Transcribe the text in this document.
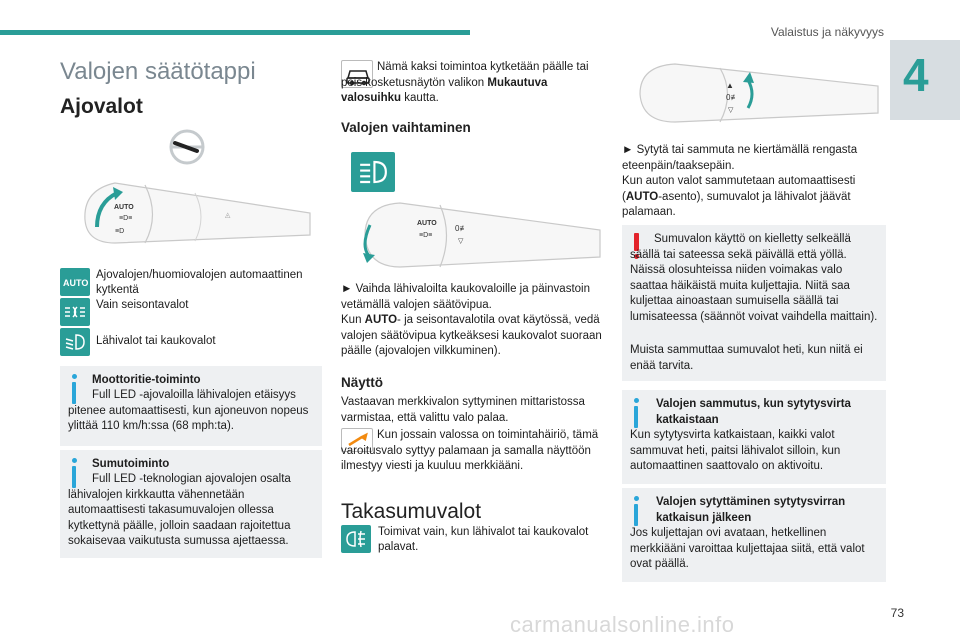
Valaistus ja näkyvyys
4
Valojen säätötappi
Ajovalot
AUTO
≡D≡
≡D
◬
AUTO
Ajovalojen/huomiovalojen automaattinen kytkentä
Vain seisontavalot
Lähivalot tai kaukovalot
Moottoritie-toiminto
Full LED -ajovaloilla lähivalojen etäisyys pitenee automaattisesti, kun ajoneuvon nopeus ylittää 110 km/h:ssa (68 mph:ta).
Sumutoiminto
Full LED -teknologian ajovalojen osalta lähivalojen kirkkautta vähennetään automaattisesti takasumuvalojen ollessa kytkettynä päälle, jolloin saadaan rajoitettua sokaisevaa vaikutusta sumussa ajettaessa.
Nämä kaksi toimintoa kytketään päälle tai pois kosketusnäytön valikon Mukautuva valosuihku kautta.
Valojen vaihtaminen
AUTO
≡D≡
0≢
▽
► Vaihda lähivaloilta kaukovaloille ja päinvastoin vetämällä valojen säätövipua.
Kun AUTO- ja seisontavalotila ovat käytössä, vedä valojen säätövipua kytkeäksesi kaukovalot suoraan päälle (ajovalojen vilkkuminen).
Näyttö
Vastaavan merkkivalon syttyminen mittaristossa varmistaa, että valittu valo palaa.
Kun jossain valossa on toimintahäiriö, tämä varoitusvalo syttyy palamaan ja samalla näyttöön ilmestyy viesti ja kuuluu merkkiääni.
Takasumuvalot
Toimivat vain, kun lähivalot tai kaukovalot palavat.
▲
0≢
▽
► Sytytä tai sammuta ne kiertämällä rengasta eteenpäin/taaksepäin.
Kun auton valot sammutetaan automaattisesti (AUTO-asento), sumuvalot ja lähivalot jäävät palamaan.
Sumuvalon käyttö on kielletty selkeällä säällä tai sateessa sekä päivällä että yöllä. Näissä olosuhteissa niiden voimakas valo saattaa häikäistä muita kuljettajia. Niitä saa kuljettaa ainoastaan sumuisella säällä tai lumisateessa (säännöt voivat vaihdella maittain).
Muista sammuttaa sumuvalot heti, kun niitä ei enää tarvita.
Valojen sammutus, kun sytytysvirta katkaistaan
Kun sytytysvirta katkaistaan, kaikki valot sammuvat heti, paitsi lähivalot silloin, kun automaattinen saattovalo on aktivoitu.
Valojen sytyttäminen sytytysvirran katkaisun jälkeen
Jos kuljettajan ovi avataan, hetkellinen merkkiääni varoittaa kuljettajaa siitä, että valot ovat päällä.
73
carmanualsonline.info
